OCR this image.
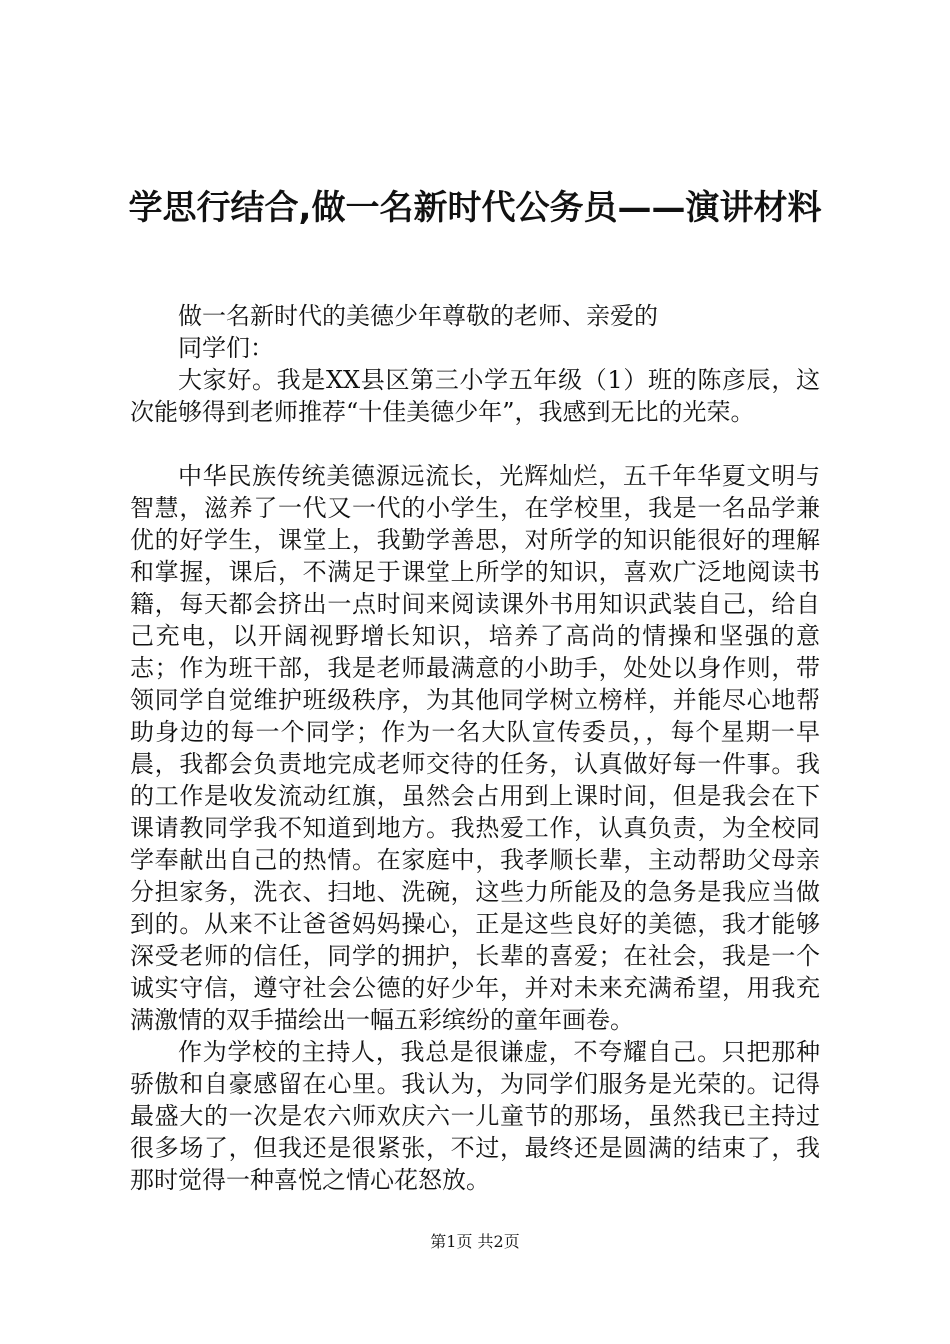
学思行结合,做一名新时代公务员——演讲材料

做一名新时代的美德少年尊敬的老师、亲爱的

同学们：

大家好。我是XX县区第三小学五年级（1）班的陈彦辰，这次能够得到老师推荐“十佳美德少年”，我感到无比的光荣。

中华民族传统美德源远流长，光辉灿烂，五千年华夏文明与智慧，滋养了一代又一代的小学生，在学校里，我是一名品学兼优的好学生，课堂上，我勤学善思，对所学的知识能很好的理解和掌握，课后，不满足于课堂上所学的知识，喜欢广泛地阅读书籍，每天都会挤出一点时间来阅读课外书用知识武装自己，给自己充电，以开阔视野增长知识，培养了高尚的情操和坚强的意志；作为班干部，我是老师最满意的小助手，处处以身作则，带领同学自觉维护班级秩序，为其他同学树立榜样，并能尽心地帮助身边的每一个同学；作为一名大队宣传委员，，每个星期一早晨，我都会负责地完成老师交待的任务，认真做好每一件事。我的工作是收发流动红旗，虽然会占用到上课时间，但是我会在下课请教同学我不知道到地方。我热爱工作，认真负责，为全校同学奉献出自己的热情。在家庭中，我孝顺长辈，主动帮助父母亲分担家务，洗衣、扫地、洗碗，这些力所能及的急务是我应当做到的。从来不让爸爸妈妈操心，正是这些良好的美德，我才能够深受老师的信任，同学的拥护，长辈的喜爱；在社会，我是一个诚实守信，遵守社会公德的好少年，并对未来充满希望，用我充满激情的双手描绘出一幅五彩缤纷的童年画卷。

作为学校的主持人，我总是很谦虚，不夸耀自己。只把那种骄傲和自豪感留在心里。我认为，为同学们服务是光荣的。记得最盛大的一次是农六师欢庆六一儿童节的那场，虽然我已主持过很多场了，但我还是很紧张，不过，最终还是圆满的结束了，我那时觉得一种喜悦之情心花怒放。

第1页 共2页
